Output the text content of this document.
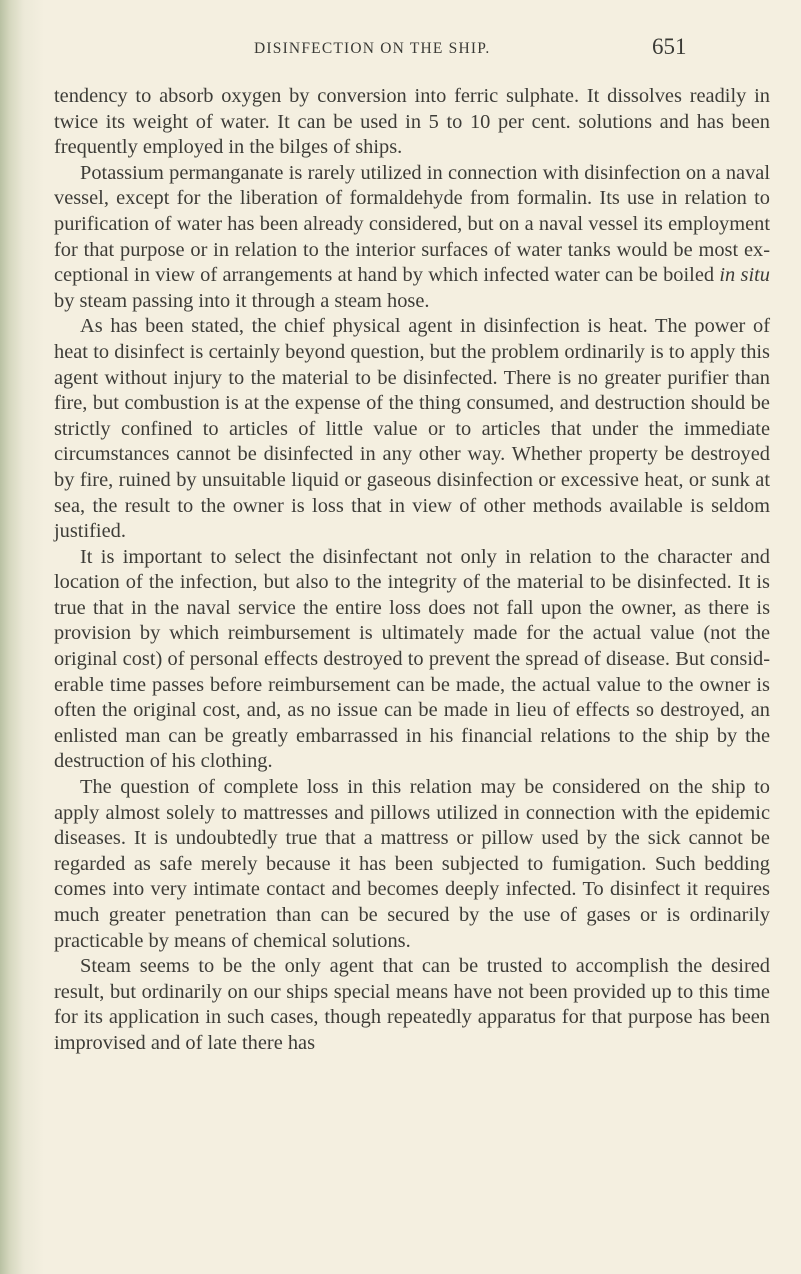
DISINFECTION ON THE SHIP.	651

tendency to absorb oxygen by conversion into ferric sulphate. It dissolves readily in twice its weight of water. It can be used in 5 to 10 per cent. solutions and has been frequently employed in the bilges of ships.

Potassium permanganate is rarely utilized in connection with disinfection on a naval vessel, except for the liberation of formaldehyde from formalin. Its use in relation to purification of water has been already considered, but on a naval vessel its employment for that purpose or in relation to the interior surfaces of water tanks would be most exceptional in view of arrangements at hand by which infected water can be boiled in situ by steam passing into it through a steam hose.

As has been stated, the chief physical agent in disinfection is heat. The power of heat to disinfect is certainly beyond question, but the problem ordinarily is to apply this agent without injury to the material to be disinfected. There is no greater purifier than fire, but combustion is at the expense of the thing consumed, and destruction should be strictly confined to articles of little value or to articles that under the immediate circumstances cannot be disinfected in any other way. Whether property be destroyed by fire, ruined by unsuitable liquid or gaseous disinfection or excessive heat, or sunk at sea, the result to the owner is loss that in view of other methods available is seldom justified.

It is important to select the disinfectant not only in relation to the character and location of the infection, but also to the integrity of the material to be disinfected. It is true that in the naval service the entire loss does not fall upon the owner, as there is provision by which reimbursement is ultimately made for the actual value (not the original cost) of personal effects destroyed to prevent the spread of disease. But considerable time passes before reimbursement can be made, the actual value to the owner is often the original cost, and, as no issue can be made in lieu of effects so destroyed, an enlisted man can be greatly embarrassed in his financial relations to the ship by the destruction of his clothing.

The question of complete loss in this relation may be considered on the ship to apply almost solely to mattresses and pillows utilized in connection with the epidemic diseases. It is undoubtedly true that a mattress or pillow used by the sick cannot be regarded as safe merely because it has been subjected to fumigation. Such bedding comes into very intimate contact and becomes deeply infected. To disinfect it requires much greater penetration than can be secured by the use of gases or is ordinarily practicable by means of chemical solutions.

Steam seems to be the only agent that can be trusted to accomplish the desired result, but ordinarily on our ships special means have not been provided up to this time for its application in such cases, though repeatedly apparatus for that purpose has been improvised and of late there has
